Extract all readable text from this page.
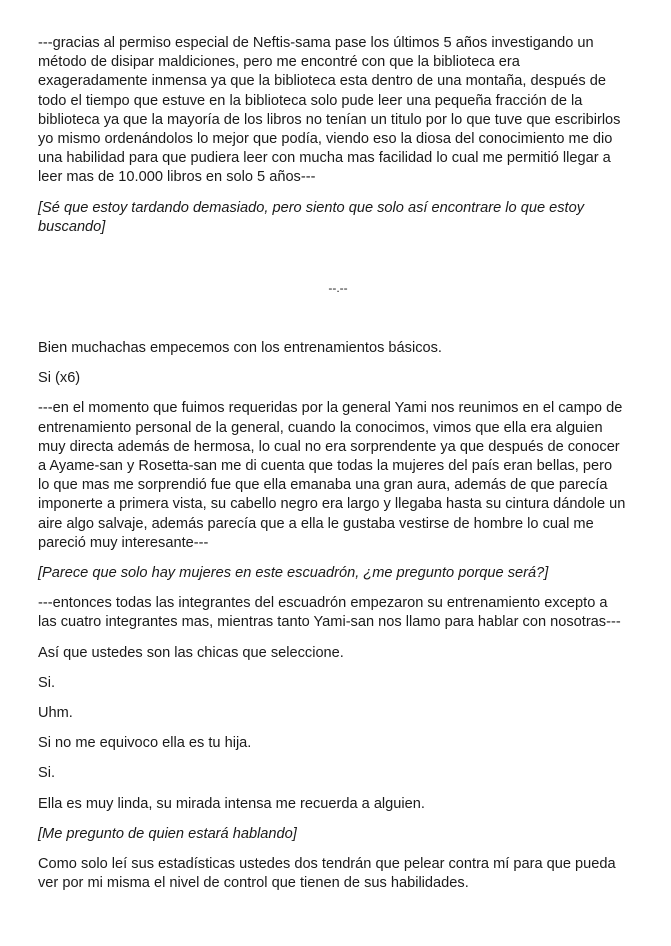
---gracias al permiso especial de Neftis-sama pase los últimos 5 años investigando un
método de disipar maldiciones, pero me encontré con que la biblioteca era
exageradamente inmensa ya que la biblioteca esta dentro de una montaña, después de
todo el tiempo que estuve en la biblioteca solo pude leer una pequeña fracción de la
biblioteca ya que la mayoría de los libros no tenían un titulo por lo que tuve que escribirlos
yo mismo ordenándolos lo mejor que podía, viendo eso la diosa del conocimiento me dio
una habilidad para que pudiera leer con mucha mas facilidad lo cual me permitió llegar a
leer mas de 10.000 libros en solo 5 años---
[Sé que estoy tardando demasiado, pero siento que solo así encontrare lo que estoy
buscando]
--.--
Bien muchachas empecemos con los entrenamientos básicos.
Si (x6)
---en el momento que fuimos requeridas por la general Yami nos reunimos en el campo de
entrenamiento personal de la general, cuando la conocimos, vimos que ella era alguien
muy directa además de hermosa, lo cual no era sorprendente ya que después de conocer
a Ayame-san y Rosetta-san me di cuenta que todas la mujeres del país eran bellas, pero
lo que mas me sorprendió fue que ella emanaba una gran aura, además de que parecía
imponerte a primera vista, su cabello negro era largo y llegaba hasta su cintura dándole un
aire algo salvaje, además parecía que a ella le gustaba vestirse de hombre lo cual me
pareció muy interesante---
[Parece que solo hay mujeres en este escuadrón, ¿me pregunto porque será?]
---entonces todas las integrantes del escuadrón empezaron su entrenamiento excepto a
las cuatro integrantes mas, mientras tanto Yami-san nos llamo para hablar con nosotras---
Así que ustedes son las chicas que seleccione.
Si.
Uhm.
Si no me equivoco ella es tu hija.
Si.
Ella es muy linda, su mirada intensa me recuerda a alguien.
[Me pregunto de quien estará hablando]
Como solo leí sus estadísticas ustedes dos tendrán que pelear contra mí para que pueda
ver por mi misma el nivel de control que tienen de sus habilidades.
